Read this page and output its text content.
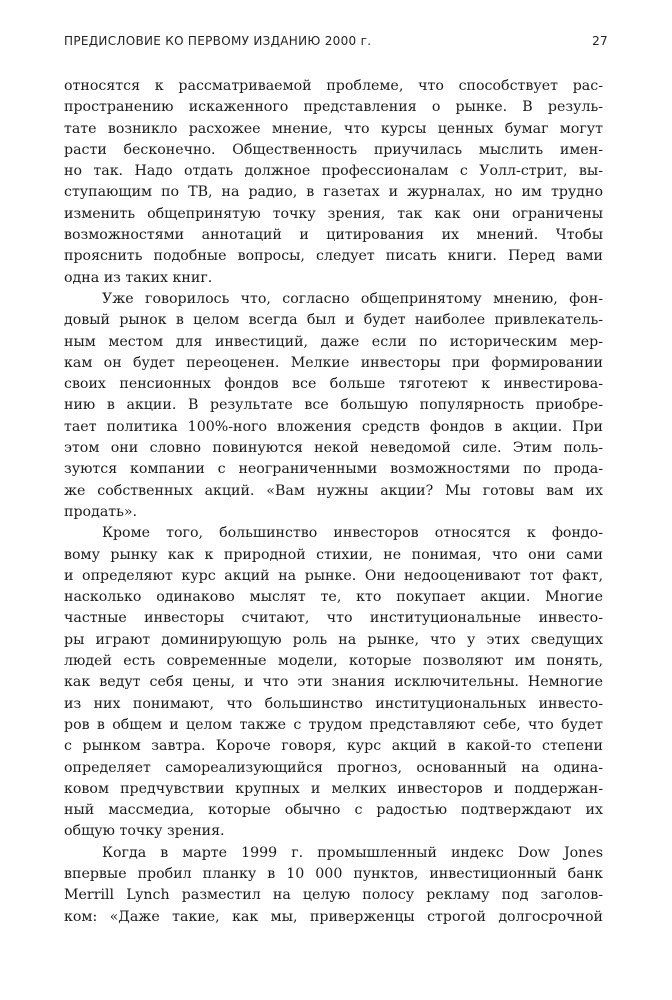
ПРЕДИСЛОВИЕ КО ПЕРВОМУ ИЗДАНИЮ 2000 г.	27

относятся к рассматриваемой проблеме, что способствует рас-
пространению искаженного представления о рынке. В резуль-
тате возникло расхожее мнение, что курсы ценных бумаг могут
расти бесконечно. Общественность приучилась мыслить имен-
но так. Надо отдать должное профессионалам с Уолл-стрит, вы-
ступающим по ТВ, на радио, в газетах и журналах, но им трудно
изменить общепринятую точку зрения, так как они ограничены
возможностями аннотаций и цитирования их мнений. Чтобы
прояснить подобные вопросы, следует писать книги. Перед вами
одна из таких книг.

Уже говорилось что, согласно общепринятому мнению, фон-
довый рынок в целом всегда был и будет наиболее привлекатель-
ным местом для инвестиций, даже если по историческим мер-
кам он будет переоценен. Мелкие инвесторы при формировании
своих пенсионных фондов все больше тяготеют к инвестирова-
нию в акции. В результате все большую популярность приобре-
тает политика 100%-ного вложения средств фондов в акции. При
этом они словно повинуются некой неведомой силе. Этим поль-
зуются компании с неограниченными возможностями по прода-
же собственных акций. «Вам нужны акции? Мы готовы вам их
продать».

Кроме того, большинство инвесторов относятся к фондо-
вому рынку как к природной стихии, не понимая, что они сами
и определяют курс акций на рынке. Они недооценивают тот факт,
насколько одинаково мыслят те, кто покупает акции. Многие
частные инвесторы считают, что институциональные инвесто-
ры играют доминирующую роль на рынке, что у этих сведущих
людей есть современные модели, которые позволяют им понять,
как ведут себя цены, и что эти знания исключительны. Немногие
из них понимают, что большинство институциональных инвесто-
ров в общем и целом также с трудом представляют себе, что будет
с рынком завтра. Короче говоря, курс акций в какой-то степени
определяет самореализующийся прогноз, основанный на одина-
ковом предчувствии крупных и мелких инвесторов и поддержан-
ный массмедиа, которые обычно с радостью подтверждают их
общую точку зрения.

Когда в марте 1999 г. промышленный индекс Dow Jones
впервые пробил планку в 10 000 пунктов, инвестиционный банк
Merrill Lynch разместил на целую полосу рекламу под заголов-
ком: «Даже такие, как мы, приверженцы строгой долгосрочной
